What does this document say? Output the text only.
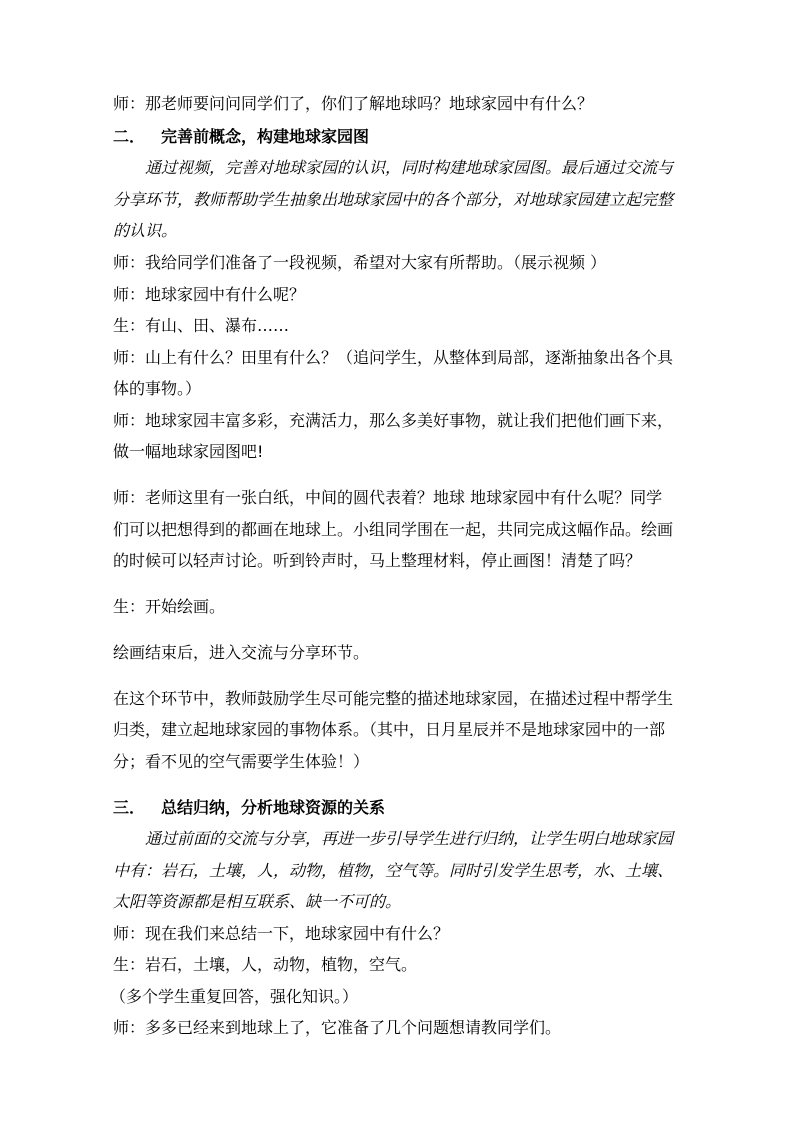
师：那老师要问问同学们了，你们了解地球吗？地球家园中有什么？
二． 完善前概念，构建地球家园图
通过视频，完善对地球家园的认识，同时构建地球家园图。最后通过交流与
分享环节，教师帮助学生抽象出地球家园中的各个部分，对地球家园建立起完整
的认识。
师：我给同学们准备了一段视频，希望对大家有所帮助。（展示视频 ）
师：地球家园中有什么呢？
生：有山、田、瀑布……
师：山上有什么？田里有什么？（追问学生，从整体到局部，逐渐抽象出各个具
体的事物。）
师：地球家园丰富多彩，充满活力，那么多美好事物，就让我们把他们画下来，
做一幅地球家园图吧!
师：老师这里有一张白纸，中间的圆代表着？地球 地球家园中有什么呢？同学
们可以把想得到的都画在地球上。小组同学围在一起，共同完成这幅作品。绘画
的时候可以轻声讨论。听到铃声时，马上整理材料，停止画图！清楚了吗？
生：开始绘画。
绘画结束后，进入交流与分享环节。
在这个环节中，教师鼓励学生尽可能完整的描述地球家园，在描述过程中帮学生
归类，建立起地球家园的事物体系。（其中，日月星辰并不是地球家园中的一部
分；看不见的空气需要学生体验！）
三． 总结归纳，分析地球资源的关系
通过前面的交流与分享，再进一步引导学生进行归纳，让学生明白地球家园
中有：岩石，土壤，人，动物，植物，空气等。同时引发学生思考，水、土壤、
太阳等资源都是相互联系、缺一不可的。
师：现在我们来总结一下，地球家园中有什么？
生：岩石，土壤，人，动物，植物，空气。
（多个学生重复回答，强化知识。）
师：多多已经来到地球上了，它准备了几个问题想请教同学们。
